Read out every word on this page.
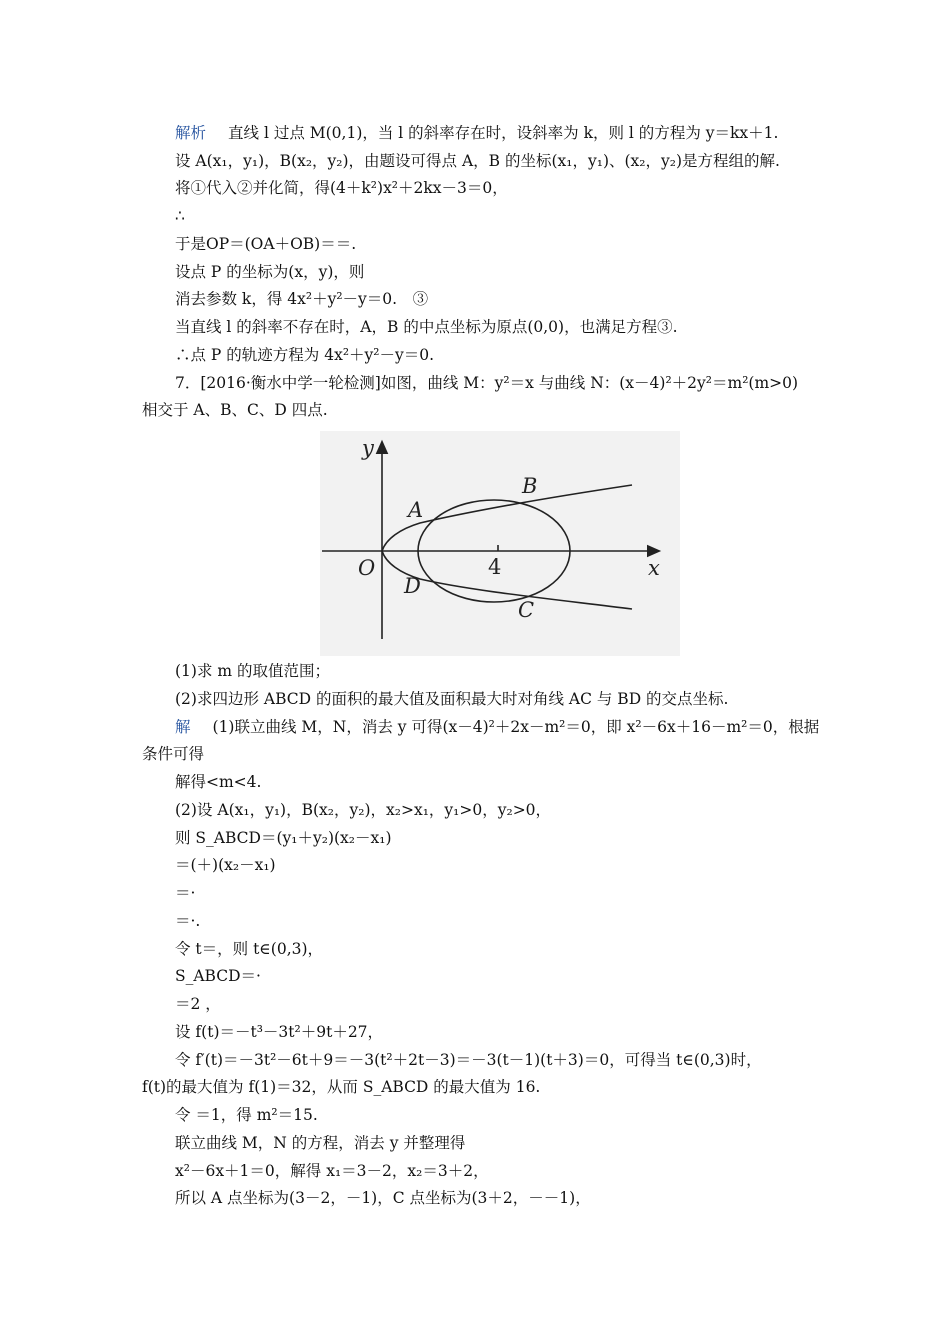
解析 直线 l 过点 M(0,1)，当 l 的斜率存在时，设斜率为 k，则 l 的方程为 y＝kx＋1.
设 A(x₁，y₁)，B(x₂，y₂)，由题设可得点 A，B 的坐标(x₁，y₁)、(x₂，y₂)是方程组的解.
将①代入②并化简，得(4＋k²)x²＋2kx－3＝0，
∴
于是OP＝(OA＋OB)＝＝.
设点 P 的坐标为(x，y)，则
消去参数 k，得 4x²＋y²－y＝0.　③
当直线 l 的斜率不存在时，A，B 的中点坐标为原点(0,0)，也满足方程③.
∴点 P 的轨迹方程为 4x²＋y²－y＝0.
7．[2016·衡水中学一轮检测]如图，曲线 M：y²＝x 与曲线 N：(x－4)²＋2y²＝m²(m>0)
相交于 A、B、C、D 四点.
y
x
O	4
A
B
C
D
(1)求 m 的取值范围；
(2)求四边形 ABCD 的面积的最大值及面积最大时对角线 AC 与 BD 的交点坐标.
解 (1)联立曲线 M，N，消去 y 可得(x－4)²＋2x－m²＝0，即 x²－6x＋16－m²＝0，根据
条件可得
解得<m<4.
(2)设 A(x₁，y₁)，B(x₂，y₂)，x₂>x₁，y₁>0，y₂>0，
则 S_ABCD＝(y₁＋y₂)(x₂－x₁)
＝(＋)(x₂－x₁)
＝·
＝·.
令 t＝，则 t∈(0,3)，
S_ABCD＝·
＝2 ，
设 f(t)＝－t³－3t²＋9t＋27，
令 f′(t)＝－3t²－6t＋9＝－3(t²＋2t－3)＝－3(t－1)(t＋3)＝0，可得当 t∈(0,3)时，
f(t)的最大值为 f(1)＝32，从而 S_ABCD 的最大值为 16.
令 ＝1，得 m²＝15.
联立曲线 M，N 的方程，消去 y 并整理得
x²－6x＋1＝0，解得 x₁＝3－2，x₂＝3＋2，
所以 A 点坐标为(3－2，－1)，C 点坐标为(3＋2，－－1)，
